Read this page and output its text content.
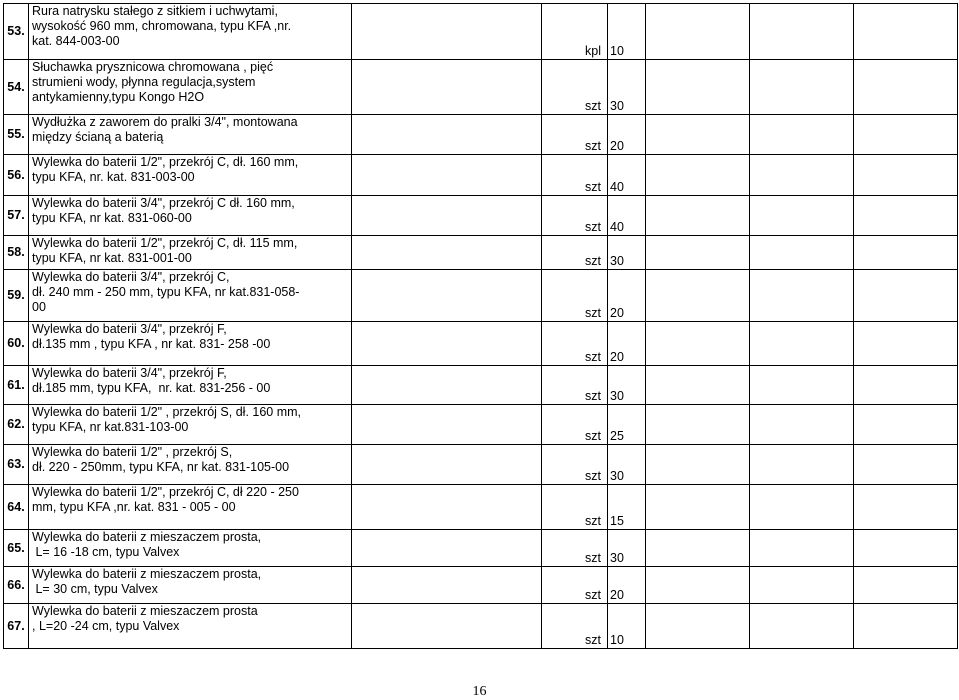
53.	Rura natrysku stałego z sitkiem i uchwytami,
wysokość 960 mm, chromowana, typu KFA ,nr.
kat. 844-003-00		kpl	10			
54.	Słuchawka prysznicowa chromowana , pięć
strumieni wody, płynna regulacja,system
antykamienny,typu Kongo H2O		szt	30			
55.	Wydłużka z zaworem do pralki 3/4", montowana
między ścianą a baterią		szt	20			
56.	Wylewka do baterii 1/2", przekrój C, dł. 160 mm,
typu KFA, nr. kat. 831-003-00		szt	40			
57.	Wylewka do baterii 3/4", przekrój C dł. 160 mm,
typu KFA, nr kat. 831-060-00		szt	40			
58.	Wylewka do baterii 1/2", przekrój C, dł. 115 mm,
typu KFA, nr kat. 831-001-00		szt	30			
59.	Wylewka do baterii 3/4", przekrój C,
dł. 240 mm - 250 mm, typu KFA, nr kat.831-058-
00		szt	20			
60.	Wylewka do baterii 3/4", przekrój F,
dł.135 mm , typu KFA , nr kat. 831- 258 -00		szt	20			
61.	Wylewka do baterii 3/4", przekrój F,
dł.185 mm, typu KFA,  nr. kat. 831-256 - 00		szt	30			
62.	Wylewka do baterii 1/2" , przekrój S, dł. 160 mm,
typu KFA, nr kat.831-103-00		szt	25			
63.	Wylewka do baterii 1/2" , przekrój S,
dł. 220 - 250mm, typu KFA, nr kat. 831-105-00		szt	30			
64.	Wylewka do baterii 1/2", przekrój C, dł 220 - 250
mm, typu KFA ,nr. kat. 831 - 005 - 00		szt	15			
65.	Wylewka do baterii z mieszaczem prosta,
L= 16 -18 cm, typu Valvex		szt	30			
66.	Wylewka do baterii z mieszaczem prosta,
L= 30 cm, typu Valvex		szt	20			
67.	Wylewka do baterii z mieszaczem prosta
, L=20 -24 cm, typu Valvex		szt	10			
16
